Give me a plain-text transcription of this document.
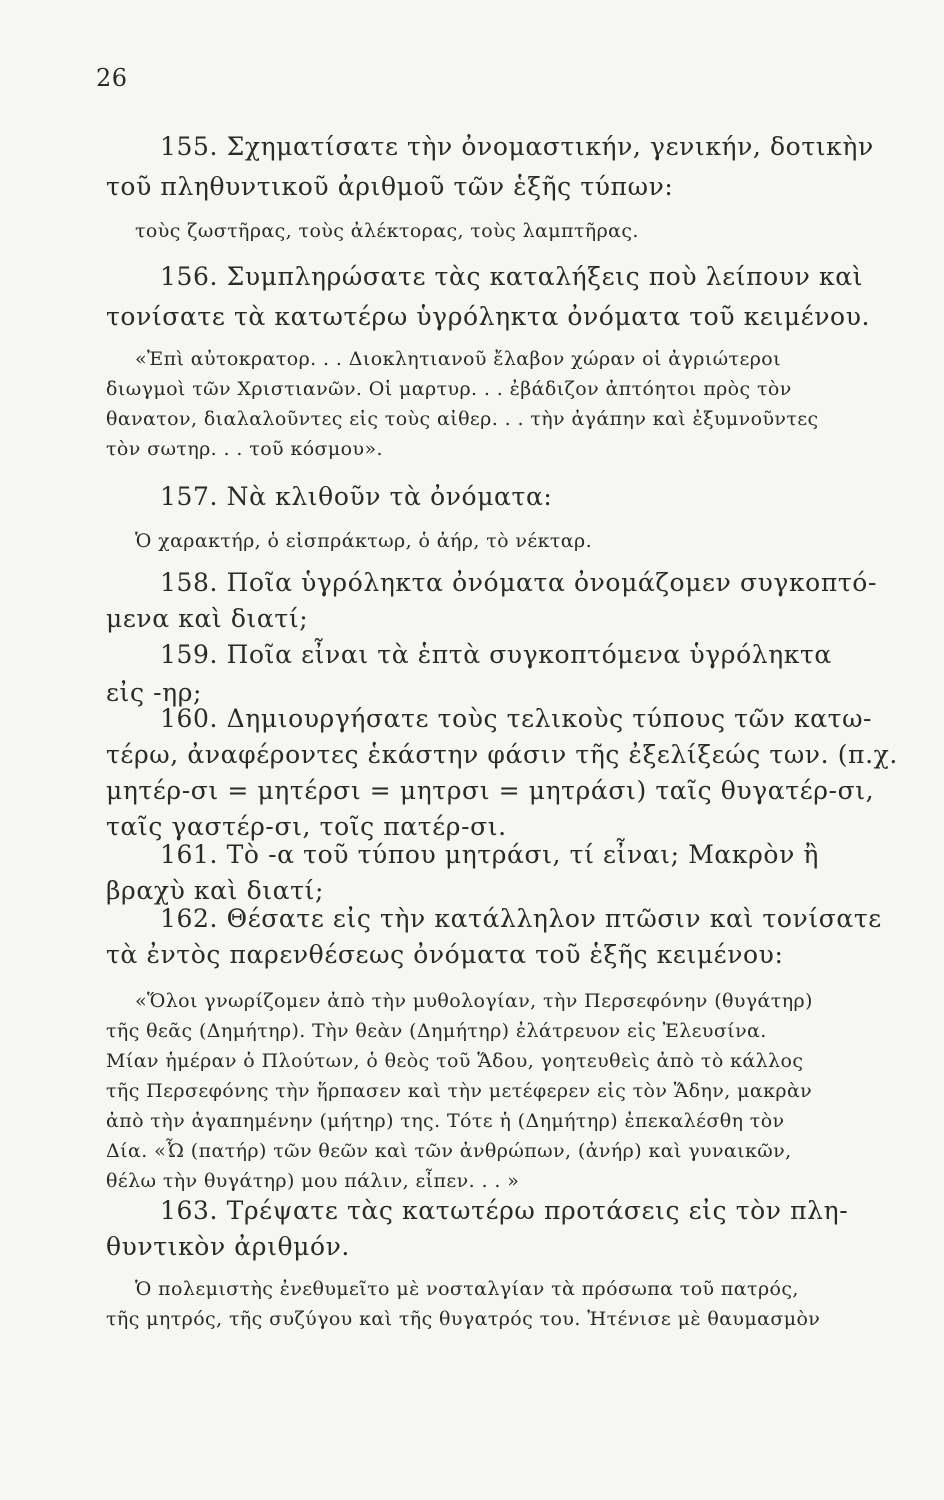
26
155. Σχηματίσατε τὴν ὀνομαστικήν, γενικήν, δοτικὴν
τοῦ πληθυντικοῦ ἀριθμοῦ τῶν ἑξῆς τύπων:
τοὺς ζωστῆρας, τοὺς ἀλέκτορας, τοὺς λαμπτῆρας.
156. Συμπληρώσατε τὰς καταλήξεις ποὺ λείπουν καὶ
τονίσατε τὰ κατωτέρω ὑγρόληκτα ὀνόματα τοῦ κειμένου.
«Ἐπὶ αὐτοκρατορ. . . Διοκλητιανοῦ ἔλαβον χώραν οἱ ἀγριώτεροι
διωγμοὶ τῶν Χριστιανῶν. Οἱ μαρτυρ. . . ἐβάδιζον ἀπτόητοι πρὸς τὸν
θανατον, διαλαλοῦντες εἰς τοὺς αἰθερ. . . τὴν ἀγάπην καὶ ἐξυμνοῦντες
τὸν σωτηρ. . . τοῦ κόσμου».
157. Νὰ κλιθοῦν τὰ ὀνόματα:
Ὁ χαρακτήρ, ὁ εἰσπράκτωρ, ὁ ἀήρ, τὸ νέκταρ.
158. Ποῖα ὑγρόληκτα ὀνόματα ὀνομάζομεν συγκοπτό-
μενα καὶ διατί;
159. Ποῖα εἶναι τὰ ἑπτὰ συγκοπτόμενα ὑγρόληκτα
εἰς -ηρ;
160. Δημιουργήσατε τοὺς τελικοὺς τύπους τῶν κατω-
τέρω, ἀναφέροντες ἑκάστην φάσιν τῆς ἐξελίξεώς των. (π.χ.
μητέρ-σι = μητέρσι = μητρσι = μητράσι) ταῖς θυγατέρ-σι,
ταῖς γαστέρ-σι, τοῖς πατέρ-σι.
161. Τὸ -α τοῦ τύπου μητράσι, τί εἶναι; Μακρὸν ἢ
βραχὺ καὶ διατί;
162. Θέσατε εἰς τὴν κατάλληλον πτῶσιν καὶ τονίσατε
τὰ ἐντὸς παρενθέσεως ὀνόματα τοῦ ἑξῆς κειμένου:
«Ὅλοι γνωρίζομεν ἀπὸ τὴν μυθολογίαν, τὴν Περσεφόνην (θυγάτηρ)
τῆς θεᾶς (Δημήτηρ). Τὴν θεὰν (Δημήτηρ) ἐλάτρευον εἰς Ἐλευσίνα.
Μίαν ἡμέραν ὁ Πλούτων, ὁ θεὸς τοῦ Ἅδου, γοητευθεὶς ἀπὸ τὸ κάλλος
τῆς Περσεφόνης τὴν ἥρπασεν καὶ τὴν μετέφερεν εἰς τὸν Ἅδην, μακρὰν
ἀπὸ τὴν ἀγαπημένην (μήτηρ) της. Τότε ἡ (Δημήτηρ) ἐπεκαλέσθη τὸν
Δία. «Ὦ (πατήρ) τῶν θεῶν καὶ τῶν ἀνθρώπων, (ἀνήρ) καὶ γυναικῶν,
θέλω τὴν θυγάτηρ) μου πάλιν, εἶπεν. . . »
163. Τρέψατε τὰς κατωτέρω προτάσεις εἰς τὸν πλη-
θυντικὸν ἀριθμόν.
Ὁ πολεμιστὴς ἐνεθυμεῖτο μὲ νοσταλγίαν τὰ πρόσωπα τοῦ πατρός,
τῆς μητρός, τῆς συζύγου καὶ τῆς θυγατρός του. Ἠτένισε μὲ θαυμασμὸν
